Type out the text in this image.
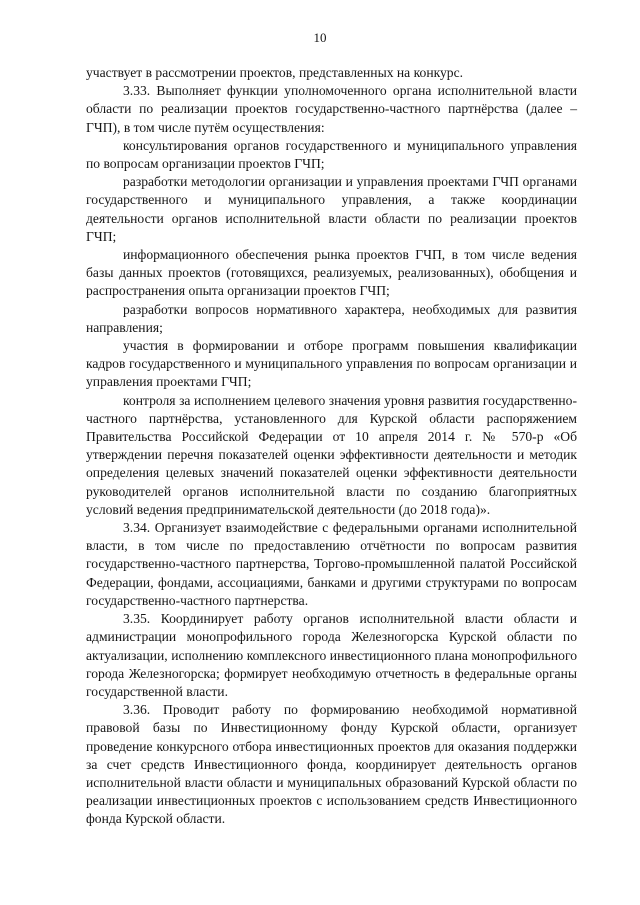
10

участвует в рассмотрении проектов, представленных на конкурс.

3.33. Выполняет функции уполномоченного органа исполнительной власти области по реализации проектов государственно-частного партнёрства (далее – ГЧП), в том числе путём осуществления:

консультирования органов государственного и муниципального управления по вопросам организации проектов ГЧП;

разработки методологии организации и управления проектами ГЧП органами государственного и муниципального управления, а также координации деятельности органов исполнительной власти области по реализации проектов ГЧП;

информационного обеспечения рынка проектов ГЧП, в том числе ведения базы данных проектов (готовящихся, реализуемых, реализованных), обобщения и распространения опыта организации проектов ГЧП;

разработки вопросов нормативного характера, необходимых для развития направления;

участия в формировании и отборе программ повышения квалификации кадров государственного и муниципального управления по вопросам организации и управления проектами ГЧП;

контроля за исполнением целевого значения уровня развития государственно-частного партнёрства, установленного для Курской области распоряжением Правительства Российской Федерации от 10 апреля 2014 г. № 570-р «Об утверждении перечня показателей оценки эффективности деятельности и методик определения целевых значений показателей оценки эффективности деятельности руководителей органов исполнительной власти по созданию благоприятных условий ведения предпринимательской деятельности (до 2018 года)».

3.34. Организует взаимодействие с федеральными органами исполнительной власти, в том числе по предоставлению отчётности по вопросам развития государственно-частного партнерства, Торгово-промышленной палатой Российской Федерации, фондами, ассоциациями, банками и другими структурами по вопросам государственно-частного партнерства.

3.35. Координирует работу органов исполнительной власти области и администрации монопрофильного города Железногорска Курской области по актуализации, исполнению комплексного инвестиционного плана монопрофильного города Железногорска; формирует необходимую отчетность в федеральные органы государственной власти.

3.36. Проводит работу по формированию необходимой нормативной правовой базы по Инвестиционному фонду Курской области, организует проведение конкурсного отбора инвестиционных проектов для оказания поддержки за счет средств Инвестиционного фонда, координирует деятельность органов исполнительной власти области и муниципальных образований Курской области по реализации инвестиционных проектов с использованием средств Инвестиционного фонда Курской области.
